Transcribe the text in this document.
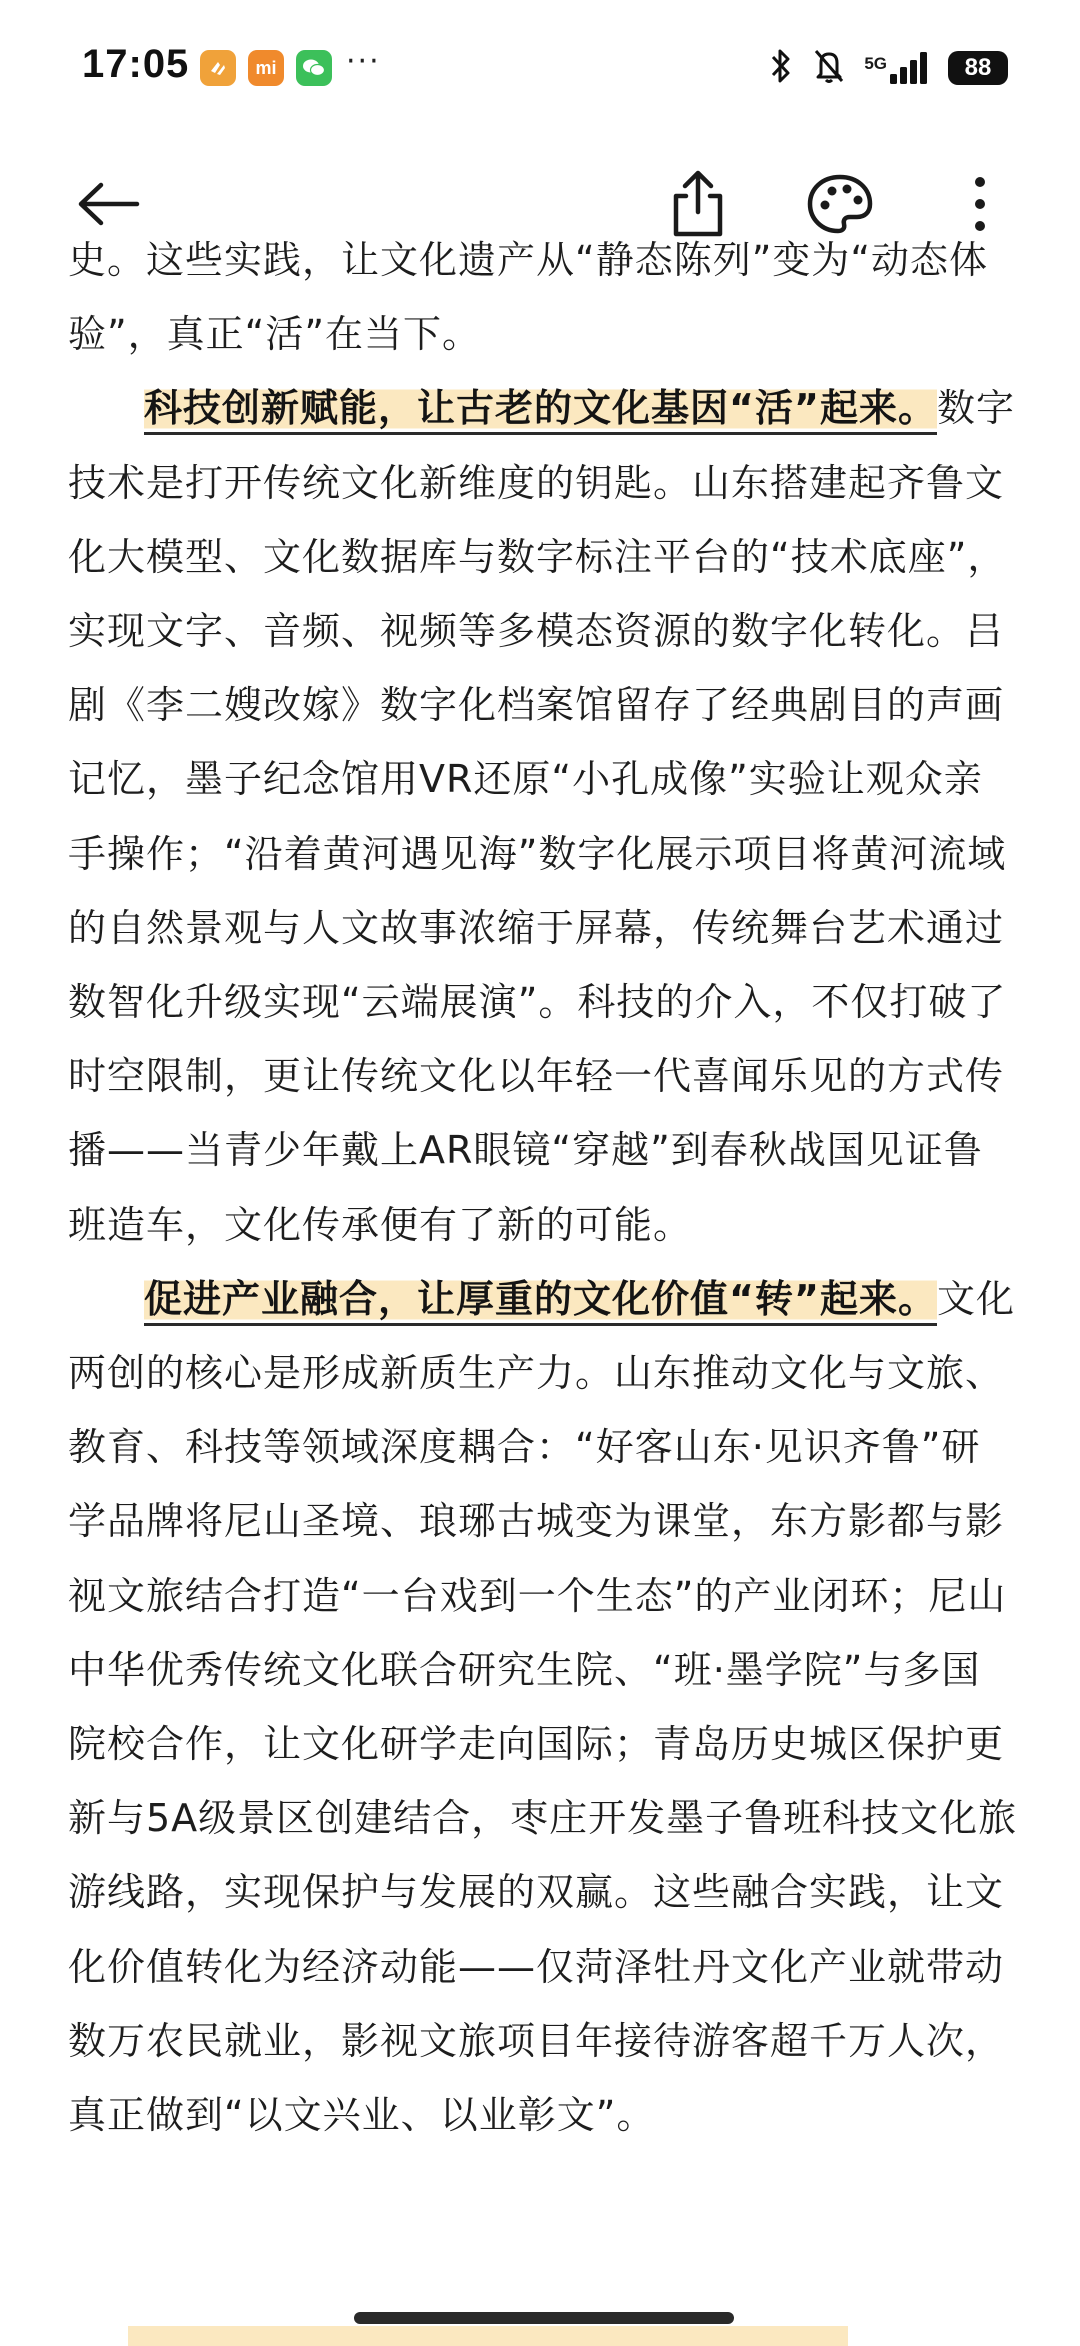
17:05	mi ···	5G	88

史。这些实践，让文化遗产从“静态陈列”变为“动态体验”，真正“活”在当下。

科技创新赋能，让古老的文化基因“活”起来。数字技术是打开传统文化新维度的钥匙。山东搭建起齐鲁文化大模型、文化数据库与数字标注平台的“技术底座”，实现文字、音频、视频等多模态资源的数字化转化。吕剧《李二嫂改嫁》数字化档案馆留存了经典剧目的声画记忆，墨子纪念馆用VR还原“小孔成像”实验让观众亲手操作；“沿着黄河遇见海”数字化展示项目将黄河流域的自然景观与人文故事浓缩于屏幕，传统舞台艺术通过数智化升级实现“云端展演”。科技的介入，不仅打破了时空限制，更让传统文化以年轻一代喜闻乐见的方式传播——当青少年戴上AR眼镜“穿越”到春秋战国见证鲁班造车，文化传承便有了新的可能。

促进产业融合，让厚重的文化价值“转”起来。文化两创的核心是形成新质生产力。山东推动文化与文旅、教育、科技等领域深度耦合：“好客山东·见识齐鲁”研学品牌将尼山圣境、琅琊古城变为课堂，东方影都与影视文旅结合打造“一台戏到一个生态”的产业闭环；尼山中华优秀传统文化联合研究生院、“班·墨学院”与多国院校合作，让文化研学走向国际；青岛历史城区保护更新与5A级景区创建结合，枣庄开发墨子鲁班科技文化旅游线路，实现保护与发展的双赢。这些融合实践，让文化价值转化为经济动能——仅菏泽牡丹文化产业就带动数万农民就业，影视文旅项目年接待游客超千万人次，真正做到“以文兴业、以业彰文”。
